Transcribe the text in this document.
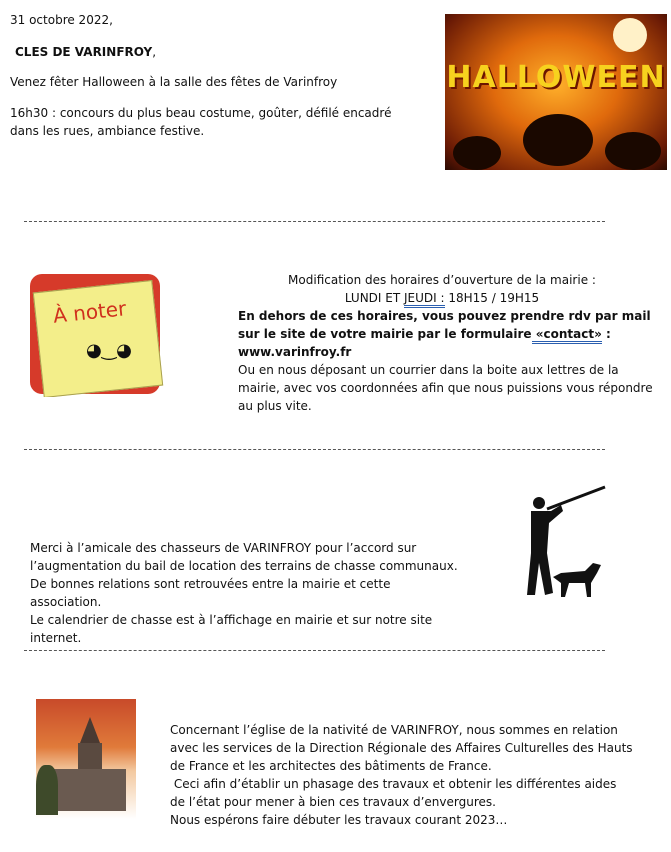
31 octobre 2022,
CLES DE VARINFROY,
Venez fêter Halloween à la salle des fêtes de Varinfroy
16h30 : concours du plus beau costume, goûter, défilé encadré
dans les rues, ambiance festive.
HALLOWEEN
À noter
◕‿◕
Modification des horaires d’ouverture de la mairie :
LUNDI ET JEUDI : 18H15 / 19H15
En dehors de ces horaires, vous pouvez prendre rdv par mail
sur le site de votre mairie par le formulaire «contact» :
www.varinfroy.fr
Ou en nous déposant un courrier dans la boite aux lettres de la
mairie, avec vos coordonnées afin que nous puissions vous répondre
au plus vite.
Merci à l’amicale des chasseurs de VARINFROY pour l’accord sur
l’augmentation du bail de location des terrains de chasse communaux.
De bonnes relations sont retrouvées entre la mairie et cette
association.
Le calendrier de chasse est à l’affichage en mairie et sur notre site
internet.
Concernant l’église de la nativité de VARINFROY, nous sommes en relation
avec les services de la Direction Régionale des Affaires Culturelles des Hauts
de France et les architectes des bâtiments de France.
Ceci afin d’établir un phasage des travaux et obtenir les différentes aides
de l’état pour mener à bien ces travaux d’envergures.
Nous espérons faire débuter les travaux courant 2023…
